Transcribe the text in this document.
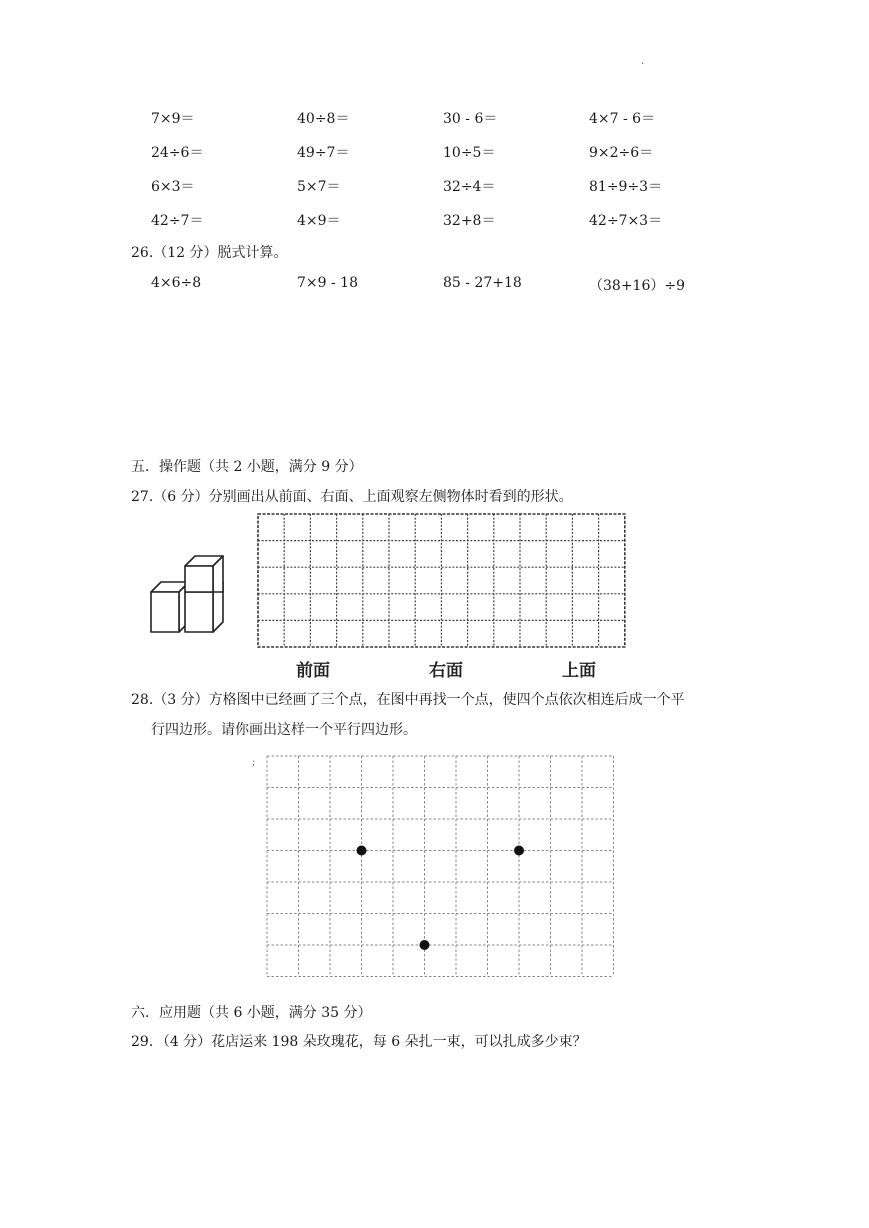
.
7×9＝	40÷8＝	30 - 6＝	4×7 - 6＝
24÷6＝	49÷7＝	10÷5＝	9×2÷6＝
6×3＝	5×7＝	32÷4＝	81÷9÷3＝
42÷7＝	4×9＝	32+8＝	42÷7×3＝
26.（12 分）脱式计算。
4×6÷8	7×9 - 18	85 - 27+18	（38+16）÷9
五．操作题（共 2 小题，满分 9 分）
27.（6 分）分别画出从前面、右面、上面观察左侧物体时看到的形状。
前面	右面	上面
28.（3 分）方格图中已经画了三个点，在图中再找一个点，使四个点依次相连后成一个平
行四边形。请你画出这样一个平行四边形。
;
六．应用题（共 6 小题，满分 35 分）
29．（4 分）花店运来 198 朵玫瑰花，每 6 朵扎一束，可以扎成多少束？
